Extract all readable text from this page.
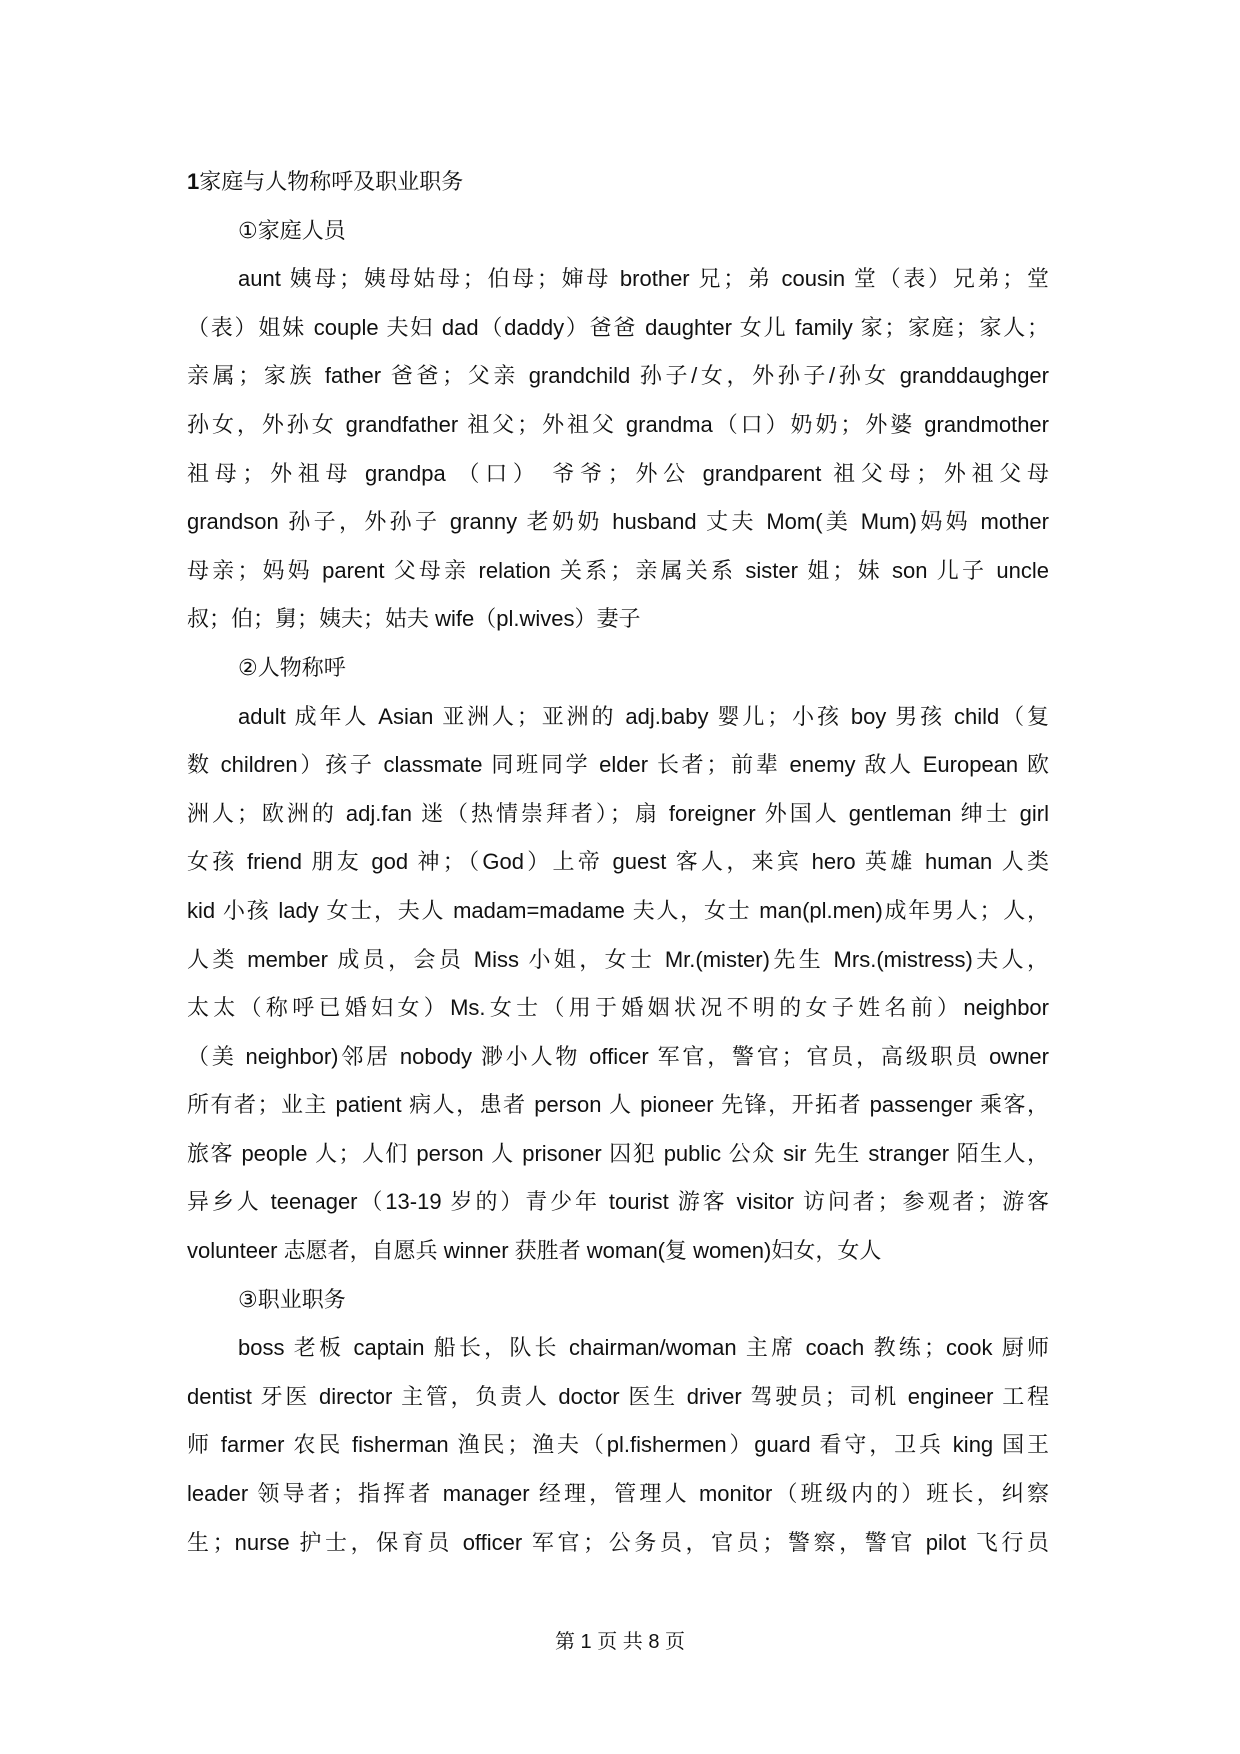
1家庭与人物称呼及职业职务
①家庭人员
aunt 姨母；姨母姑母；伯母；婶母 brother 兄；弟 cousin 堂（表）兄弟；堂
（表）姐妹 couple 夫妇 dad（daddy）爸爸 daughter 女儿 family 家；家庭；家人；
亲属；家族 father 爸爸；父亲 grandchild 孙子/女，外孙子/孙女 granddaughger
孙女，外孙女 grandfather 祖父；外祖父 grandma（口）奶奶；外婆 grandmother
祖母；外祖母 grandpa （口） 爷爷；外公 grandparent 祖父母；外祖父母
grandson 孙子，外孙子 granny 老奶奶 husband 丈夫 Mom(美 Mum)妈妈 mother
母亲；妈妈 parent 父母亲 relation 关系；亲属关系 sister 姐；妹 son 儿子 uncle
叔；伯；舅；姨夫；姑夫 wife（pl.wives）妻子
②人物称呼
adult 成年人 Asian 亚洲人；亚洲的 adj.baby 婴儿；小孩 boy 男孩 child（复
数 children）孩子 classmate 同班同学 elder 长者；前辈 enemy 敌人 European 欧
洲人；欧洲的 adj.fan 迷（热情崇拜者）；扇 foreigner 外国人 gentleman 绅士 girl
女孩 friend 朋友 god 神；（God）上帝 guest 客人，来宾 hero 英雄 human 人类
kid 小孩 lady 女士，夫人 madam=madame 夫人，女士 man(pl.men)成年男人；人，
人类 member 成员，会员 Miss 小姐，女士 Mr.(mister)先生 Mrs.(mistress)夫人，
太太（称呼已婚妇女）Ms.女士（用于婚姻状况不明的女子姓名前）neighbor
（美 neighbor)邻居 nobody 渺小人物 officer 军官，警官；官员，高级职员 owner
所有者；业主 patient 病人，患者 person 人 pioneer 先锋，开拓者 passenger 乘客，
旅客 people 人；人们 person 人 prisoner 囚犯 public 公众 sir 先生 stranger 陌生人，
异乡人 teenager（13-19 岁的）青少年 tourist 游客 visitor 访问者；参观者；游客
volunteer 志愿者，自愿兵 winner 获胜者 woman(复 women)妇女，女人
③职业职务
boss 老板 captain 船长，队长 chairman/woman 主席 coach 教练；cook 厨师
dentist 牙医 director 主管，负责人 doctor 医生 driver 驾驶员；司机 engineer 工程
师 farmer 农民 fisherman 渔民；渔夫（pl.fishermen）guard 看守，卫兵 king 国王
leader 领导者；指挥者 manager 经理，管理人 monitor（班级内的）班长，纠察
生；nurse 护士，保育员 officer 军官；公务员，官员；警察，警官 pilot 飞行员
第 1 页 共 8 页
